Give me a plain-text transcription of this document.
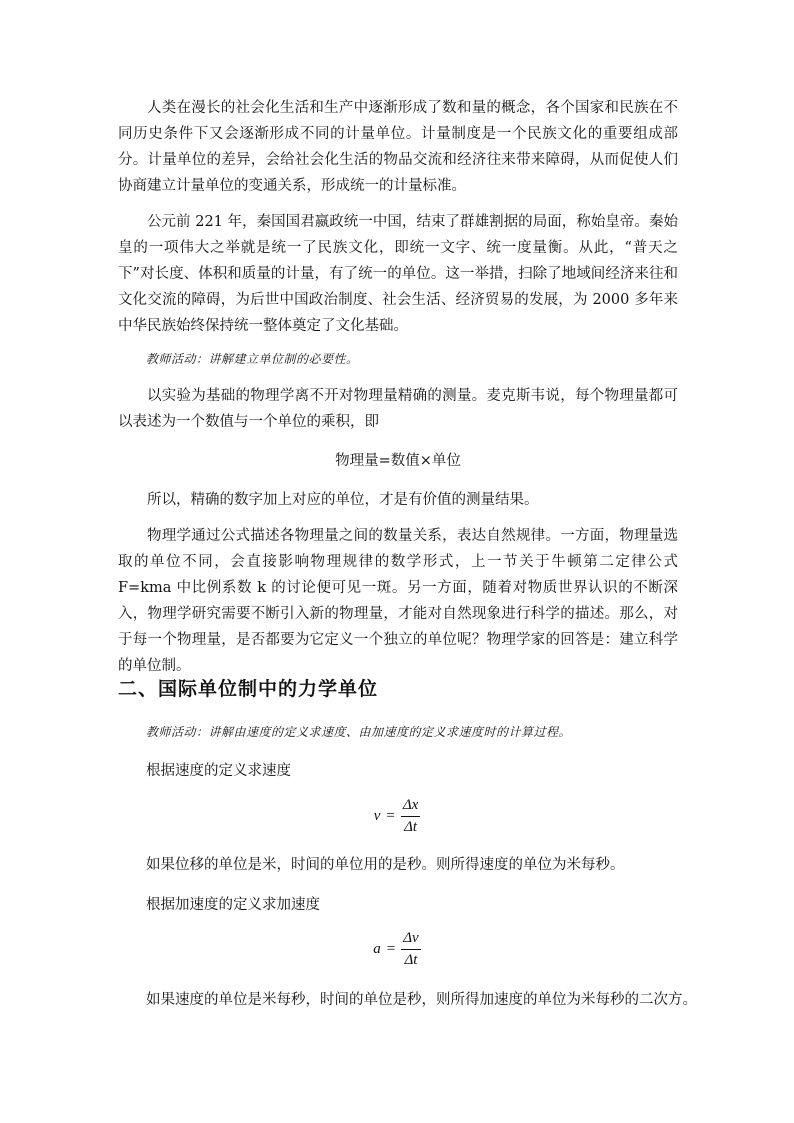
人类在漫长的社会化生活和生产中逐渐形成了数和量的概念，各个国家和民族在不同历史条件下又会逐渐形成不同的计量单位。计量制度是一个民族文化的重要组成部分。计量单位的差异，会给社会化生活的物品交流和经济往来带来障碍，从而促使人们协商建立计量单位的变通关系，形成统一的计量标准。

公元前 221 年，秦国国君嬴政统一中国，结束了群雄割据的局面，称始皇帝。秦始皇的一项伟大之举就是统一了民族文化，即统一文字、统一度量衡。从此，“普天之下”对长度、体积和质量的计量，有了统一的单位。这一举措，扫除了地域间经济来往和文化交流的障碍，为后世中国政治制度、社会生活、经济贸易的发展，为 2000 多年来中华民族始终保持统一整体奠定了文化基础。

教师活动：讲解建立单位制的必要性。

以实验为基础的物理学离不开对物理量精确的测量。麦克斯韦说，每个物理量都可以表述为一个数值与一个单位的乘积，即

物理量=数值×单位

所以，精确的数字加上对应的单位，才是有价值的测量结果。

物理学通过公式描述各物理量之间的数量关系，表达自然规律。一方面，物理量选取的单位不同，会直接影响物理规律的数学形式，上一节关于牛顿第二定律公式 F=kma 中比例系数 k 的讨论便可见一斑。另一方面，随着对物质世界认识的不断深入，物理学研究需要不断引入新的物理量，才能对自然现象进行科学的描述。那么，对于每一个物理量，是否都要为它定义一个独立的单位呢？物理学家的回答是：建立科学的单位制。

二、国际单位制中的力学单位

教师活动：讲解由速度的定义求速度、由加速度的定义求速度时的计算过程。

根据速度的定义求速度

$v = \frac{\Delta x}{\Delta t}$

如果位移的单位是米，时间的单位用的是秒。则所得速度的单位为米每秒。

根据加速度的定义求加速度

$a = \frac{\Delta v}{\Delta t}$

如果速度的单位是米每秒，时间的单位是秒，则所得加速度的单位为米每秒的二次方。
